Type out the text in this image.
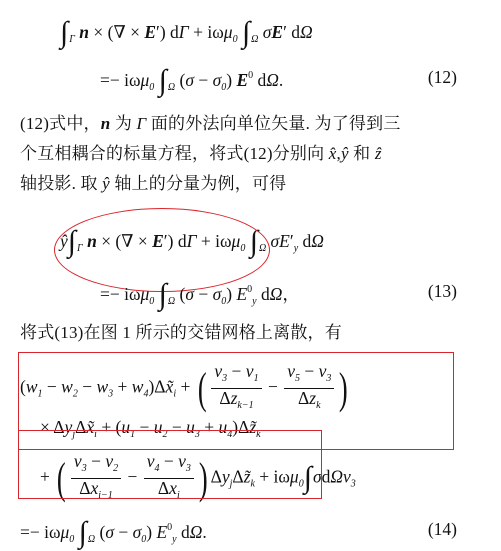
$\int_\Gamma$ n × (∇ × E′) dΓ + iωμ$_0$ $\int_\Omega$ σE′ dΩ
=− iωμ$_0$ $\int_\Omega$ $(\sigma - \sigma_0)$ $E^0$ dΩ.	(12)
(12)式中，n 为 Γ 面的外法向单位矢量. 为了得到三
个互相耦合的标量方程，将式(12)分别向 x̂,ŷ 和 ẑ
轴投影. 取 ŷ 轴上的分量为例，可得
$ŷ\int_\Gamma$ n × (∇ × E′) dΓ + iωμ$_0$ $\int_\Omega$ $\sigma E'_y$ dΩ
=− iωμ$_0$ $\int_\Omega$ $(\sigma - \sigma_0)$ $E^0_y$ dΩ，	(13)
将式(13)在图 1 所示的交错网格上离散，有
($w_1 - w_2 - w_3$ + $w_4)\Delta x̃_i$ + ( $\frac{v_3 - v_1}{\Delta z_{k-1}} - \frac{v_5 - v_3}{\Delta z_k}$ )
× $\Delta y_j\Delta x̃_i + (u_1 - u_2 - u_3$ + $u_4)\Delta z̃_k$
+ ( $\frac{v_3 - v_2}{\Delta x_{i-1}} - \frac{v_4 - v_3}{\Delta x_i}$ ) $\Delta y_j\Delta z̃_k + i\omega\mu_0\int\sigma d\Omega v_3$
=− iωμ$_0$ $\int_\Omega$ $(\sigma - \sigma_0)$ $E^0_y$ dΩ.	(14)
